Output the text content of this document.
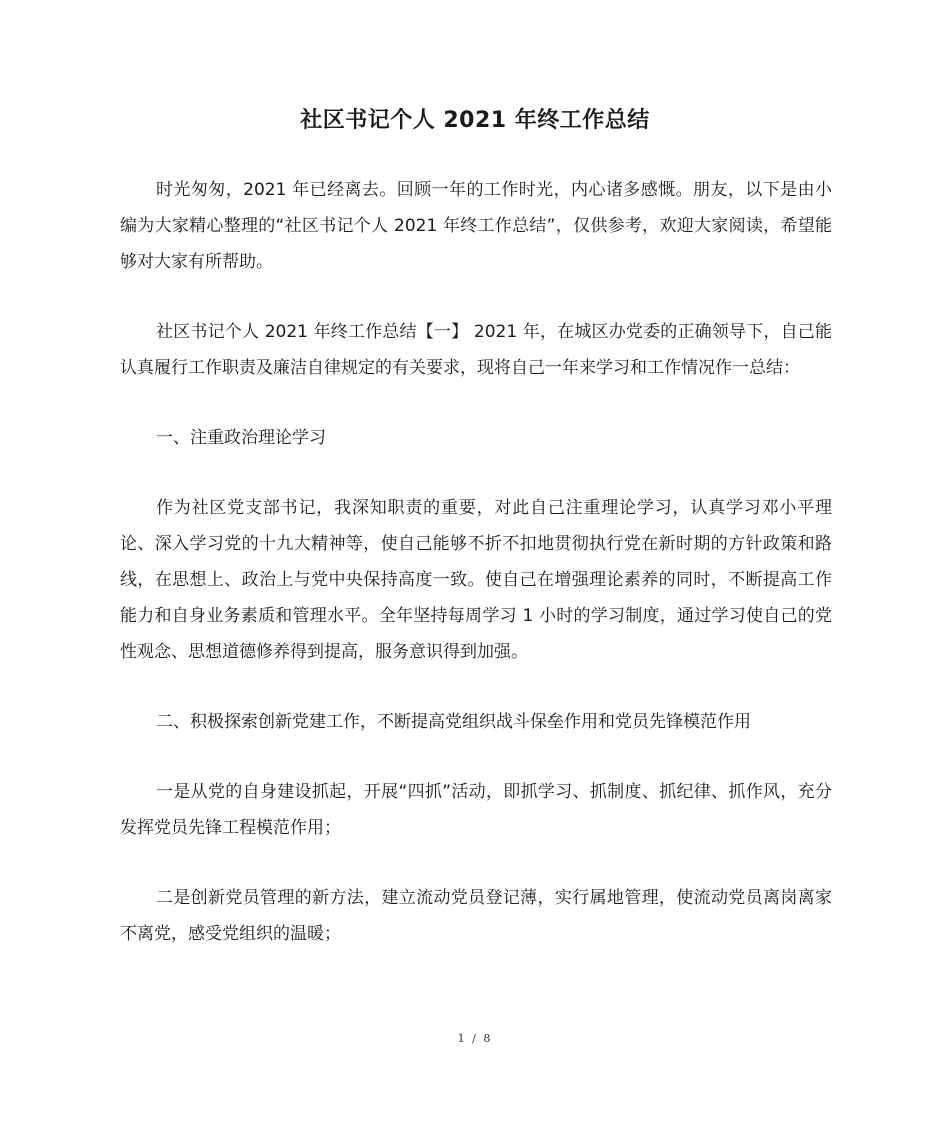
社区书记个人 2021 年终工作总结

时光匆匆，2021 年已经离去。回顾一年的工作时光，内心诸多感慨。朋友，以下是由小编为大家精心整理的“社区书记个人 2021 年终工作总结”，仅供参考，欢迎大家阅读，希望能够对大家有所帮助。

社区书记个人 2021 年终工作总结【一】 2021 年，在城区办党委的正确领导下，自己能认真履行工作职责及廉洁自律规定的有关要求，现将自己一年来学习和工作情况作一总结：

一、注重政治理论学习

作为社区党支部书记，我深知职责的重要，对此自己注重理论学习，认真学习邓小平理论、深入学习党的十九大精神等，使自己能够不折不扣地贯彻执行党在新时期的方针政策和路线，在思想上、政治上与党中央保持高度一致。使自己在增强理论素养的同时，不断提高工作能力和自身业务素质和管理水平。全年坚持每周学习 1 小时的学习制度，通过学习使自己的党性观念、思想道德修养得到提高，服务意识得到加强。

二、积极探索创新党建工作，不断提高党组织战斗保垒作用和党员先锋模范作用

一是从党的自身建设抓起，开展“四抓”活动，即抓学习、抓制度、抓纪律、抓作风，充分发挥党员先锋工程模范作用；

二是创新党员管理的新方法，建立流动党员登记薄，实行属地管理，使流动党员离岗离家不离党，感受党组织的温暖；

1 / 8
